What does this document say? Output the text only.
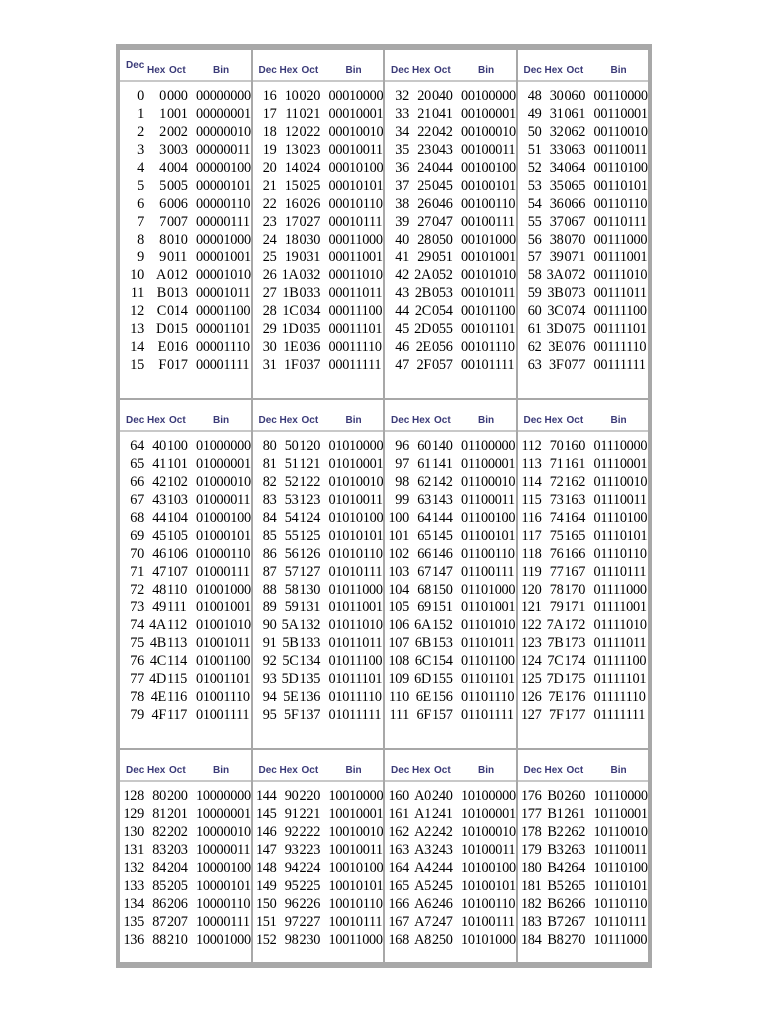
Dec Hex Oct	Bin
0	0 000 00000000
1	1 001 00000001
2	2 002 00000010
3	3 003 00000011
4	4 004 00000100
5	5 005 00000101
6	6 006 00000110
7	7 007 00000111
8	8 010 00001000
9	9 011 00001001
10 A 012 00001010
11 B 013 00001011
12 C 014 00001100
13 D 015 00001101
14 E 016 00001110
15	F 017 00001111
Dec Hex Oct	Bin
16 10 020 00010000
17 11 021 00010001
18 12 022 00010010
19 13 023 00010011
20 14 024 00010100
21 15 025 00010101
22 16 026 00010110
23 17 027 00010111
24 18 030 00011000
25 19 031 00011001
26 1A 032 00011010
27 1B 033 00011011
28 1C 034 00011100
29 1D 035 00011101
30 1E 036 00011110
31 1F 037 00011111
Dec Hex Oct	Bin
32 20 040 00100000
33 21 041 00100001
34 22 042 00100010
35 23 043 00100011
36 24 044 00100100
37 25 045 00100101
38 26 046 00100110
39 27 047 00100111
40 28 050 00101000
41 29 051 00101001
42 2A 052 00101010
43 2B 053 00101011
44 2C 054 00101100
45 2D 055 00101101
46 2E 056 00101110
47 2F 057 00101111
Dec Hex Oct	Bin
48 30 060 00110000
49 31 061 00110001
50 32 062 00110010
51 33 063 00110011
52 34 064 00110100
53 35 065 00110101
54 36 066 00110110
55 37 067 00110111
56 38 070 00111000
57 39 071 00111001
58 3A 072 00111010
59 3B 073 00111011
60 3C 074 00111100
61 3D 075 00111101
62 3E 076 00111110
63 3F 077 00111111
Dec Hex Oct	Bin
64 40 100 01000000
65 41 101 01000001
66 42 102 01000010
67 43 103 01000011
68 44 104 01000100
69 45 105 01000101
70 46 106 01000110
71 47 107 01000111
72 48 110 01001000
73 49 111 01001001
74 4A 112 01001010
75 4B 113 01001011
76 4C 114 01001100
77 4D 115 01001101
78 4E 116 01001110
79 4F 117 01001111
Dec Hex Oct	Bin
80 50 120 01010000
81 51 121 01010001
82 52 122 01010010
83 53 123 01010011
84 54 124 01010100
85 55 125 01010101
86 56 126 01010110
87 57 127 01010111
88 58 130 01011000
89 59 131 01011001
90 5A 132 01011010
91 5B 133 01011011
92 5C 134 01011100
93 5D 135 01011101
94 5E 136 01011110
95 5F 137 01011111
Dec Hex Oct	Bin
96 60 140 01100000
97 61 141 01100001
98 62 142 01100010
99 63 143 01100011
100 64 144 01100100
101 65 145 01100101
102 66 146 01100110
103 67 147 01100111
104 68 150 01101000
105 69 151 01101001
106 6A 152 01101010
107 6B 153 01101011
108 6C 154 01101100
109 6D 155 01101101
110 6E 156 01101110
111 6F 157 01101111
Dec Hex Oct	Bin
112 70 160 01110000
113 71 161 01110001
114 72 162 01110010
115 73 163 01110011
116 74 164 01110100
117 75 165 01110101
118 76 166 01110110
119 77 167 01110111
120 78 170 01111000
121 79 171 01111001
122 7A 172 01111010
123 7B 173 01111011
124 7C 174 01111100
125 7D 175 01111101
126 7E 176 01111110
127 7F 177 01111111
Dec Hex Oct	Bin
128 80 200 10000000
129 81 201 10000001
130 82 202 10000010
131 83 203 10000011
132 84 204 10000100
133 85 205 10000101
134 86 206 10000110
135 87 207 10000111
136 88 210 10001000
Dec Hex Oct	Bin
144 90 220 10010000
145 91 221 10010001
146 92 222 10010010
147 93 223 10010011
148 94 224 10010100
149 95 225 10010101
150 96 226 10010110
151 97 227 10010111
152 98 230 10011000
Dec Hex Oct	Bin
160 A0 240 10100000
161 A1 241 10100001
162 A2 242 10100010
163 A3 243 10100011
164 A4 244 10100100
165 A5 245 10100101
166 A6 246 10100110
167 A7 247 10100111
168 A8 250 10101000
Dec Hex Oct	Bin
176 B0 260 10110000
177 B1 261 10110001
178 B2 262 10110010
179 B3 263 10110011
180 B4 264 10110100
181 B5 265 10110101
182 B6 266 10110110
183 B7 267 10110111
184 B8 270 10111000
